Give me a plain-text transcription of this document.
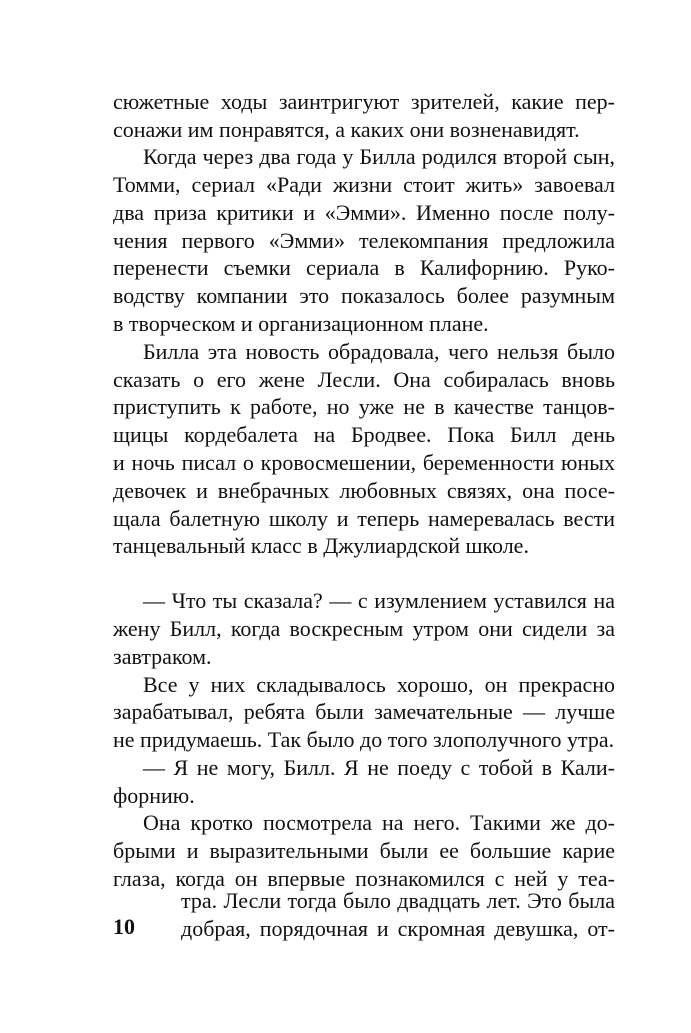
сюжетные ходы заинтригуют зрителей, какие пер-
сонажи им понравятся, а каких они возненавидят.
Когда через два года у Билла родился второй сын,
Томми, сериал «Ради жизни стоит жить» завоевал
два приза критики и «Эмми». Именно после полу-
чения первого «Эмми» телекомпания предложила
перенести съемки сериала в Калифорнию. Руко-
водству компании это показалось более разумным
в творческом и организационном плане.
Билла эта новость обрадовала, чего нельзя было
сказать о его жене Лесли. Она собиралась вновь
приступить к работе, но уже не в качестве танцов-
щицы кордебалета на Бродвее. Пока Билл день
и ночь писал о кровосмешении, беременности юных
девочек и внебрачных любовных связях, она посе-
щала балетную школу и теперь намеревалась вести
танцевальный класс в Джулиардской школе.
— Что ты сказала? — с изумлением уставился на
жену Билл, когда воскресным утром они сидели за
завтраком.
Все у них складывалось хорошо, он прекрасно
зарабатывал, ребята были замечательные — лучше
не придумаешь. Так было до того злополучного утра.
— Я не могу, Билл. Я не поеду с тобой в Кали-
форнию.
Она кротко посмотрела на него. Такими же до-
брыми и выразительными были ее большие карие
глаза, когда он впервые познакомился с ней у теа-
тра. Лесли тогда было двадцать лет. Это была
добрая, порядочная и скромная девушка, от-
10
